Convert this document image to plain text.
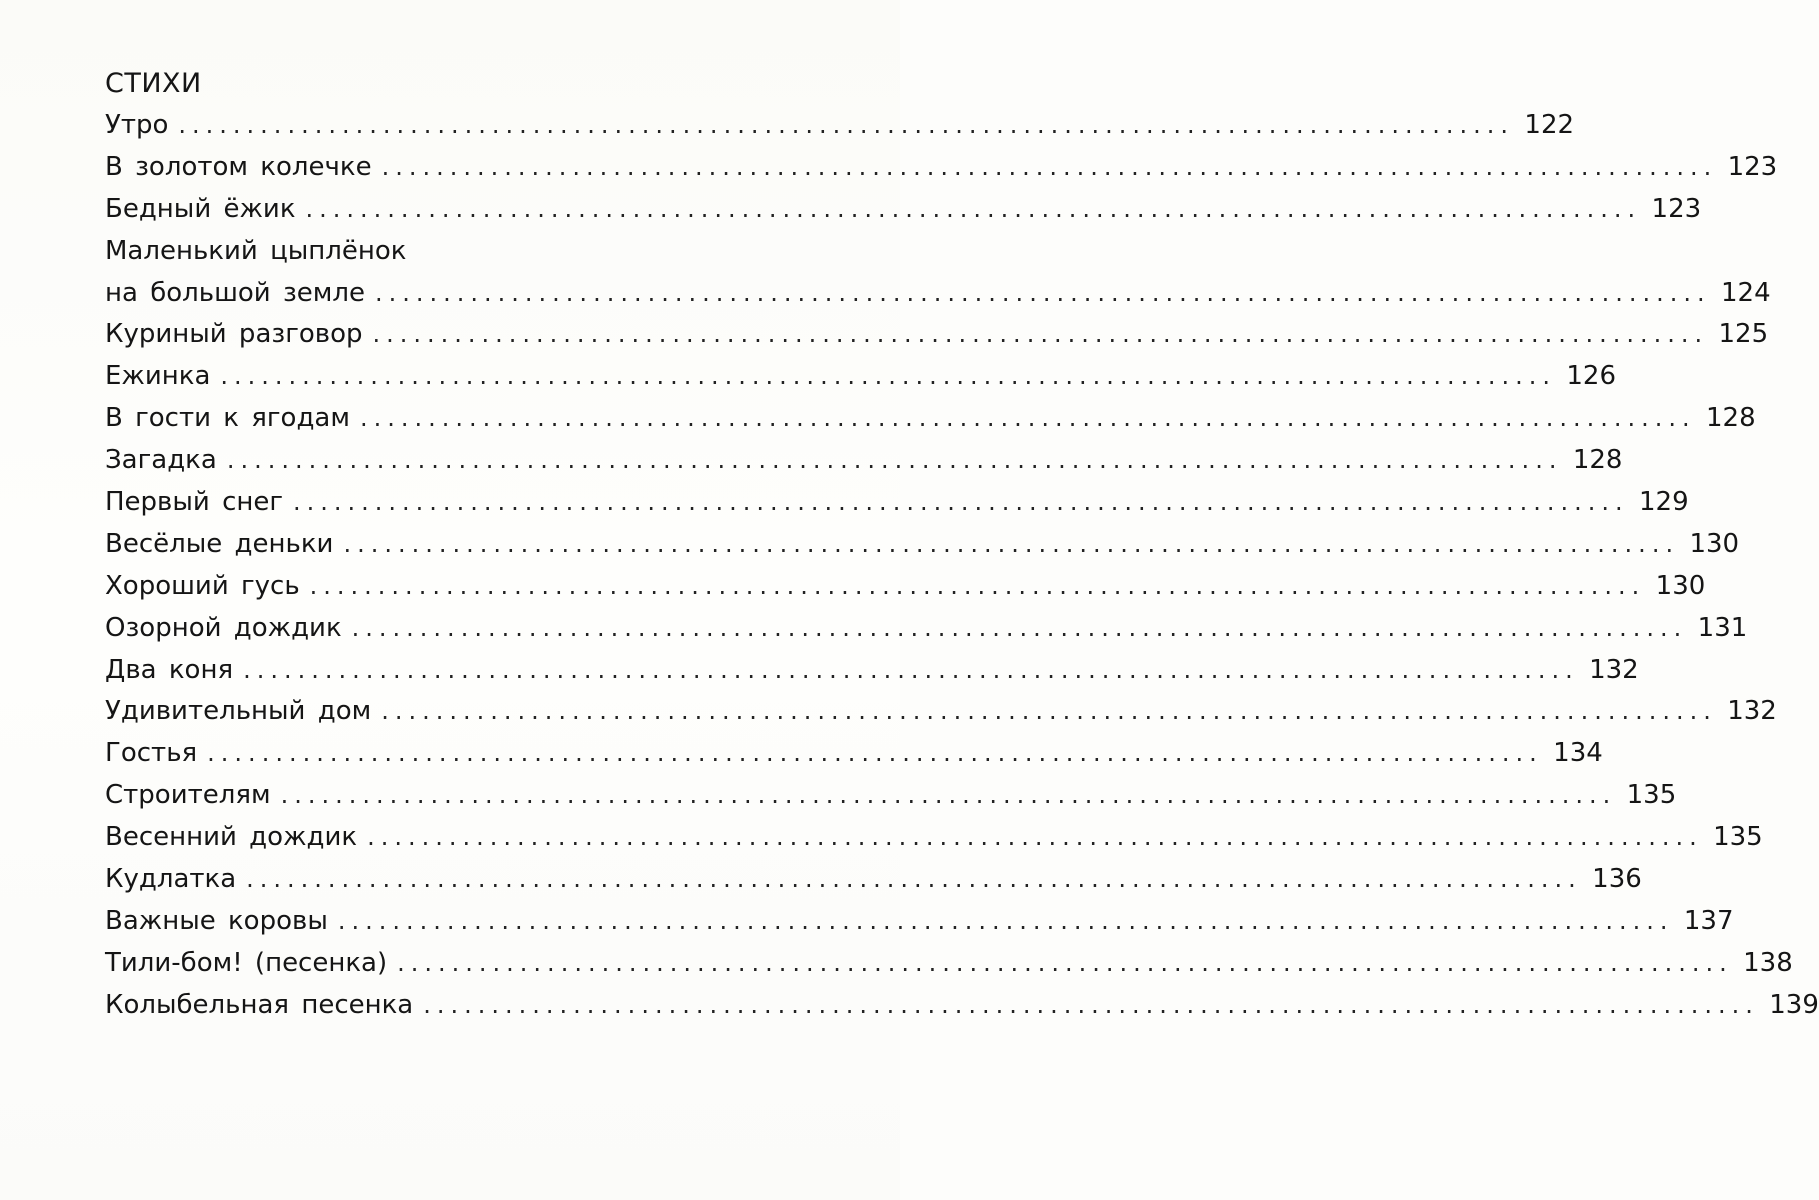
СТИХИ
Утро .................................................................................................. 122
В золотом колечке .................................................................................................. 123
Бедный ёжик .................................................................................................. 123
Маленький цыплёнок
на большой земле .................................................................................................. 124
Куриный разговор .................................................................................................. 125
Ежинка .................................................................................................. 126
В гости к ягодам .................................................................................................. 128
Загадка .................................................................................................. 128
Первый снег .................................................................................................. 129
Весёлые деньки .................................................................................................. 130
Хороший гусь .................................................................................................. 130
Озорной дождик .................................................................................................. 131
Два коня .................................................................................................. 132
Удивительный дом .................................................................................................. 132
Гостья .................................................................................................. 134
Строителям .................................................................................................. 135
Весенний дождик .................................................................................................. 135
Кудлатка .................................................................................................. 136
Важные коровы .................................................................................................. 137
Тили-бом! (песенка) .................................................................................................. 138
Колыбельная песенка .................................................................................................. 139
